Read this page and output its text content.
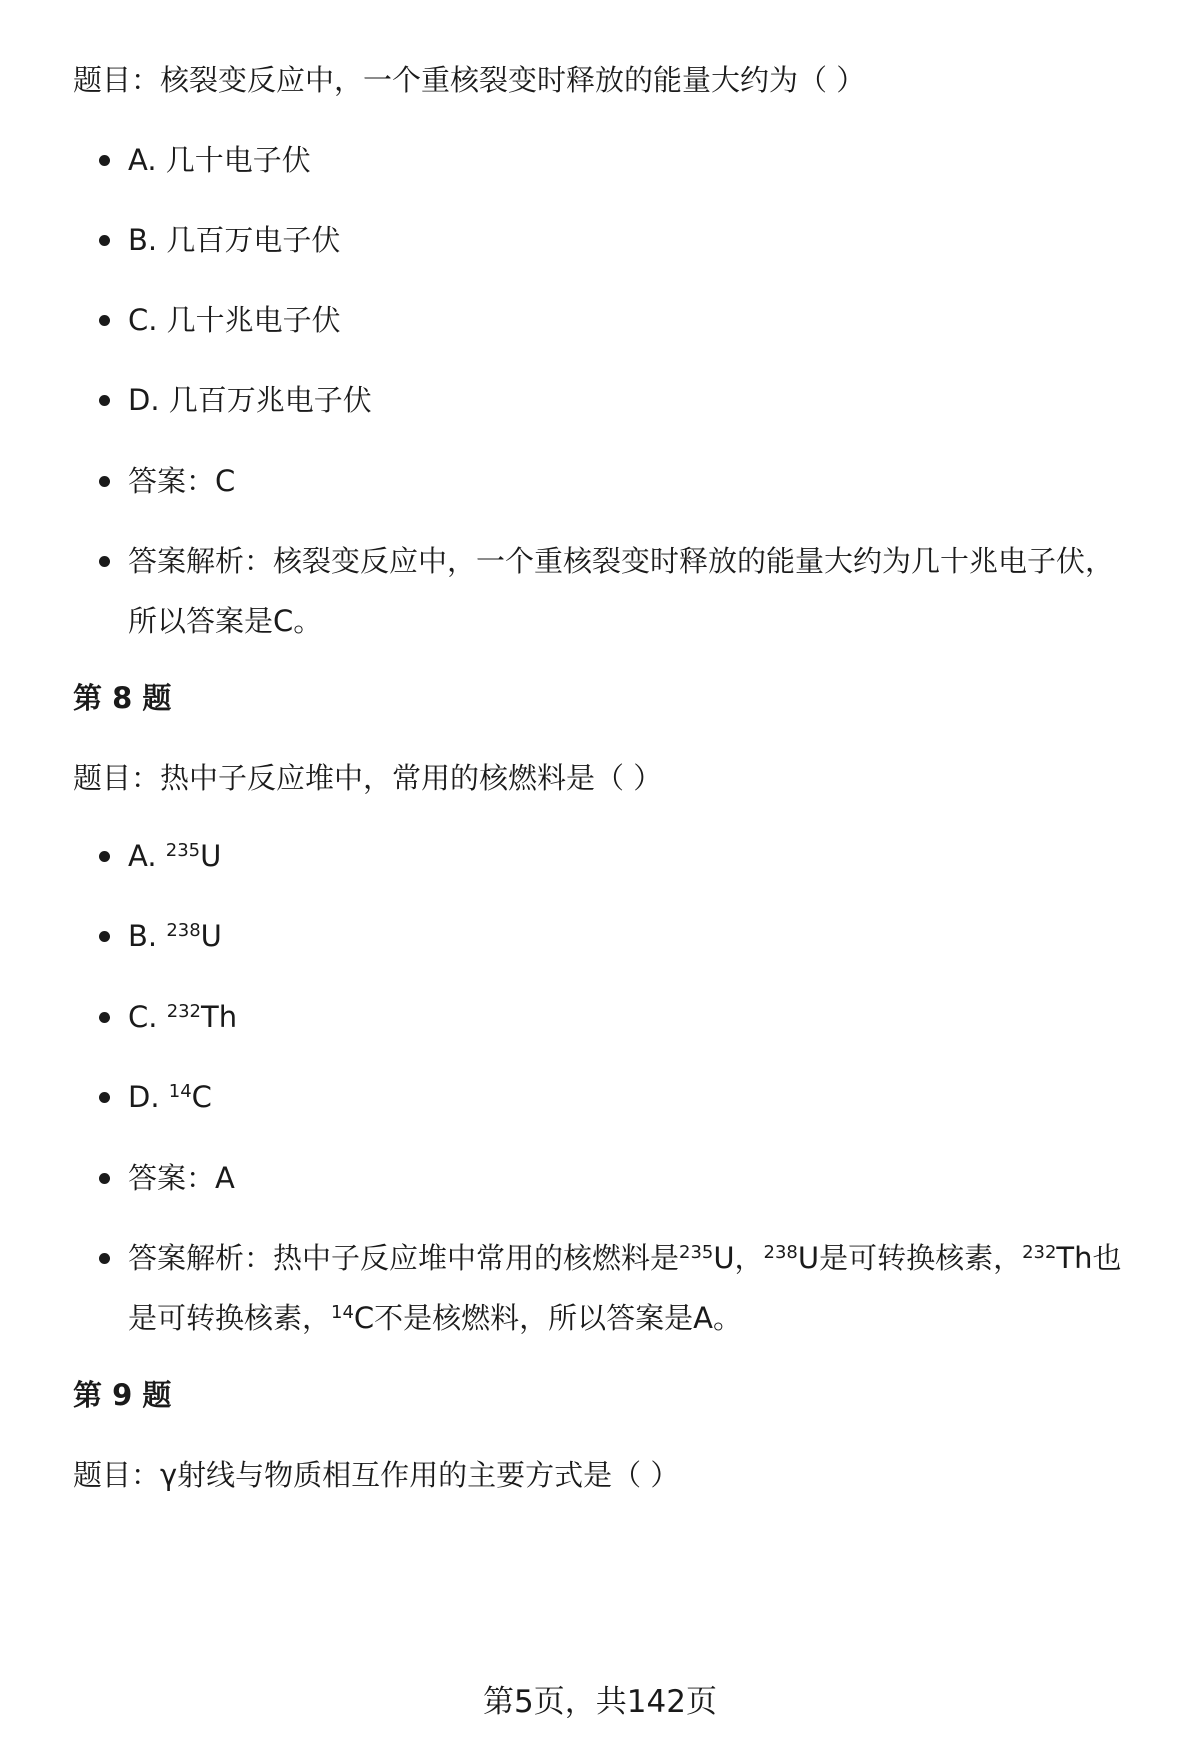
题目：核裂变反应中，一个重核裂变时释放的能量大约为（ ）
A. 几十电子伏
B. 几百万电子伏
C. 几十兆电子伏
D. 几百万兆电子伏
答案：C
答案解析：核裂变反应中，一个重核裂变时释放的能量大约为几十兆电子伏，
所以答案是C。
第 8 题
题目：热中子反应堆中，常用的核燃料是（ ）
A. $^{235}$U
B. $^{238}$U
C. $^{232}$Th
D. $^{14}$C
答案：A
答案解析：热中子反应堆中常用的核燃料是$^{235}$U，$^{238}$U是可转换核素，$^{232}$Th也
是可转换核素，$^{14}$C不是核燃料，所以答案是A。
第 9 题
题目：γ射线与物质相互作用的主要方式是（ ）
第5页，共142页
